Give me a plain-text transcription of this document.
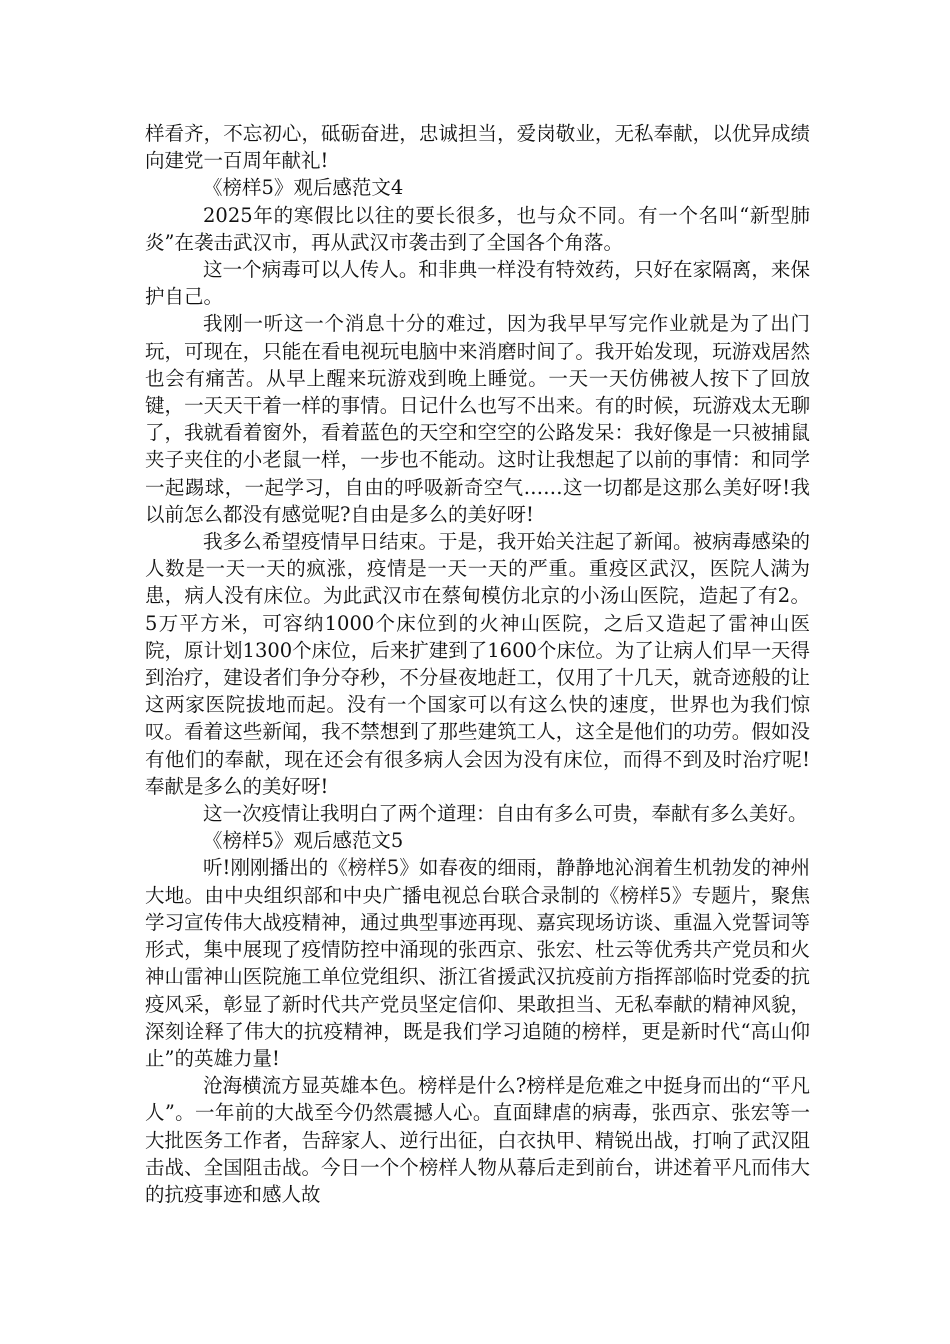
样看齐，不忘初心，砥砺奋进，忠诚担当，爱岗敬业，无私奉献，以优异成绩向建党一百周年献礼!

《榜样5》观后感范文4

2025年的寒假比以往的要长很多，也与众不同。有一个名叫“新型肺炎”在袭击武汉市，再从武汉市袭击到了全国各个角落。

这一个病毒可以人传人。和非典一样没有特效药，只好在家隔离，来保护自己。

我刚一听这一个消息十分的难过，因为我早早写完作业就是为了出门玩，可现在，只能在看电视玩电脑中来消磨时间了。我开始发现，玩游戏居然也会有痛苦。从早上醒来玩游戏到晚上睡觉。一天一天仿佛被人按下了回放键，一天天干着一样的事情。日记什么也写不出来。有的时候，玩游戏太无聊了，我就看着窗外，看着蓝色的天空和空空的公路发呆：我好像是一只被捕鼠夹子夹住的小老鼠一样，一步也不能动。这时让我想起了以前的事情：和同学一起踢球，一起学习，自由的呼吸新奇空气……这一切都是这那么美好呀!我以前怎么都没有感觉呢?自由是多么的美好呀!

我多么希望疫情早日结束。于是，我开始关注起了新闻。被病毒感染的人数是一天一天的疯涨，疫情是一天一天的严重。重疫区武汉，医院人满为患，病人没有床位。为此武汉市在蔡甸模仿北京的小汤山医院，造起了有2。5万平方米，可容纳1000个床位到的火神山医院，之后又造起了雷神山医院，原计划1300个床位，后来扩建到了1600个床位。为了让病人们早一天得到治疗，建设者们争分夺秒，不分昼夜地赶工，仅用了十几天，就奇迹般的让这两家医院拔地而起。没有一个国家可以有这么快的速度，世界也为我们惊叹。看着这些新闻，我不禁想到了那些建筑工人，这全是他们的功劳。假如没有他们的奉献，现在还会有很多病人会因为没有床位，而得不到及时治疗呢!奉献是多么的美好呀!

这一次疫情让我明白了两个道理：自由有多么可贵，奉献有多么美好。

《榜样5》观后感范文5

听!刚刚播出的《榜样5》如春夜的细雨，静静地沁润着生机勃发的神州大地。由中央组织部和中央广播电视总台联合录制的《榜样5》专题片，聚焦学习宣传伟大战疫精神，通过典型事迹再现、嘉宾现场访谈、重温入党誓词等形式，集中展现了疫情防控中涌现的张西京、张宏、杜云等优秀共产党员和火神山雷神山医院施工单位党组织、浙江省援武汉抗疫前方指挥部临时党委的抗疫风采，彰显了新时代共产党员坚定信仰、果敢担当、无私奉献的精神风貌，深刻诠释了伟大的抗疫精神，既是我们学习追随的榜样，更是新时代“高山仰止”的英雄力量!

沧海横流方显英雄本色。榜样是什么?榜样是危难之中挺身而出的“平凡人”。一年前的大战至今仍然震撼人心。直面肆虐的病毒，张西京、张宏等一大批医务工作者，告辞家人、逆行出征，白衣执甲、精锐出战，打响了武汉阻击战、全国阻击战。今日一个个榜样人物从幕后走到前台，讲述着平凡而伟大的抗疫事迹和感人故
